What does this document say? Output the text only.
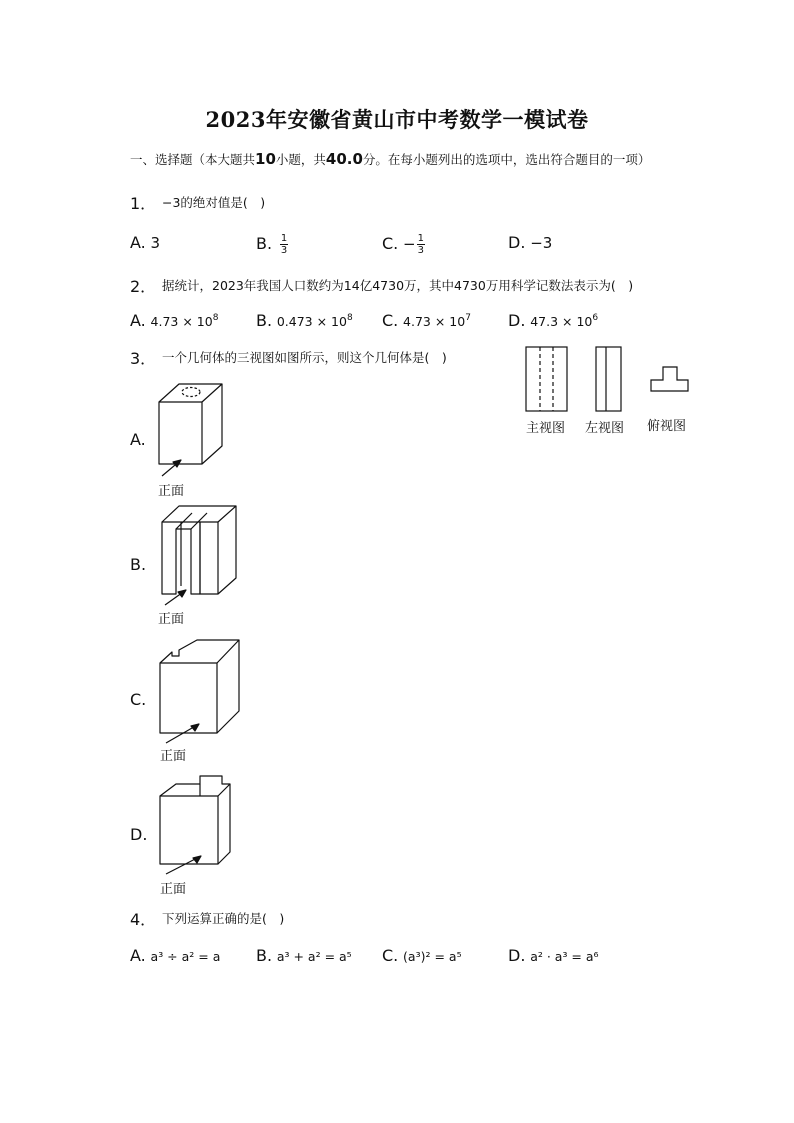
2023年安徽省黄山市中考数学一模试卷
一、选择题（本大题共10小题，共40.0分。在每小题列出的选项中，选出符合题目的一项）
1． −3的绝对值是(　)
A. 3	B. $\frac{1}{3}$	C. − $\frac{1}{3}$	D. −3
2． 据统计，2023年我国人口数约为14亿4730万，其中4730万用科学记数法表示为(　)
A. $4.73 \times 10^8$ B. $0.473 \times 10^8$ C. $4.73 \times 10^7$ D. $47.3 \times 10^6$
3． 一个几何体的三视图如图所示，则这个几何体是(　)
主视图 左视图 俯视图
A.
正面
B.
正面
C.
正面
D.
正面
4． 下列运算正确的是(　)
A. a³ ÷ a² = a B. a³ + a² = a⁵ C. (a³)² = a⁵	D. a² · a³ = a⁶
